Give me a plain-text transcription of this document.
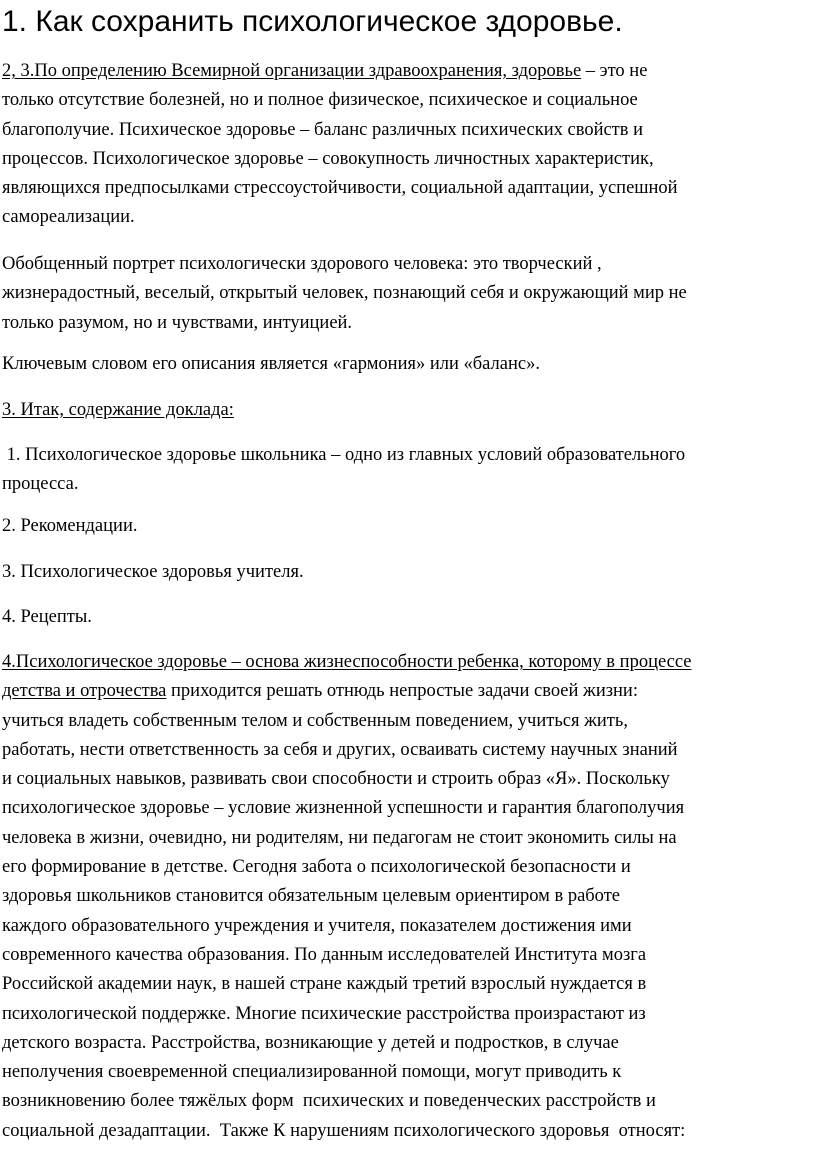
1. Как сохранить психологическое здоровье.
2, 3.По определению Всемирной организации здравоохранения, здоровье – это не
только отсутствие болезней, но и полное физическое, психическое и социальное
благополучие. Психическое здоровье – баланс различных психических свойств и
процессов. Психологическое здоровье – совокупность личностных характеристик,
являющихся предпосылками стрессоустойчивости, социальной адаптации, успешной
самореализации.
Обобщенный портрет психологически здорового человека: это творческий ,
жизнерадостный, веселый, открытый человек, познающий себя и окружающий мир не
только разумом, но и чувствами, интуицией.
Ключевым словом его описания является «гармония» или «баланс».
3. Итак, содержание доклада:
1. Психологическое здоровье школьника – одно из главных условий образовательного
процесса.
2. Рекомендации.
3. Психологическое здоровья учителя.
4. Рецепты.
4.Психологическое здоровье – основа жизнеспособности ребенка, которому в процессе
детства и отрочества приходится решать отнюдь непростые задачи своей жизни:
учиться владеть собственным телом и собственным поведением, учиться жить,
работать, нести ответственность за себя и других, осваивать систему научных знаний
и социальных навыков, развивать свои способности и строить образ «Я». Поскольку
психологическое здоровье – условие жизненной успешности и гарантия благополучия
человека в жизни, очевидно, ни родителям, ни педагогам не стоит экономить силы на
его формирование в детстве. Сегодня забота о психологической безопасности и
здоровья школьников становится обязательным целевым ориентиром в работе
каждого образовательного учреждения и учителя, показателем достижения ими
современного качества образования. По данным исследователей Института мозга
Российской академии наук, в нашей стране каждый третий взрослый нуждается в
психологической поддержке. Многие психические расстройства произрастают из
детского возраста. Расстройства, возникающие у детей и подростков, в случае
неполучения своевременной специализированной помощи, могут приводить к
возникновению более тяжёлых форм  психических и поведенческих расстройств и
социальной дезадаптации.  Также К нарушениям психологического здоровья  относят:
